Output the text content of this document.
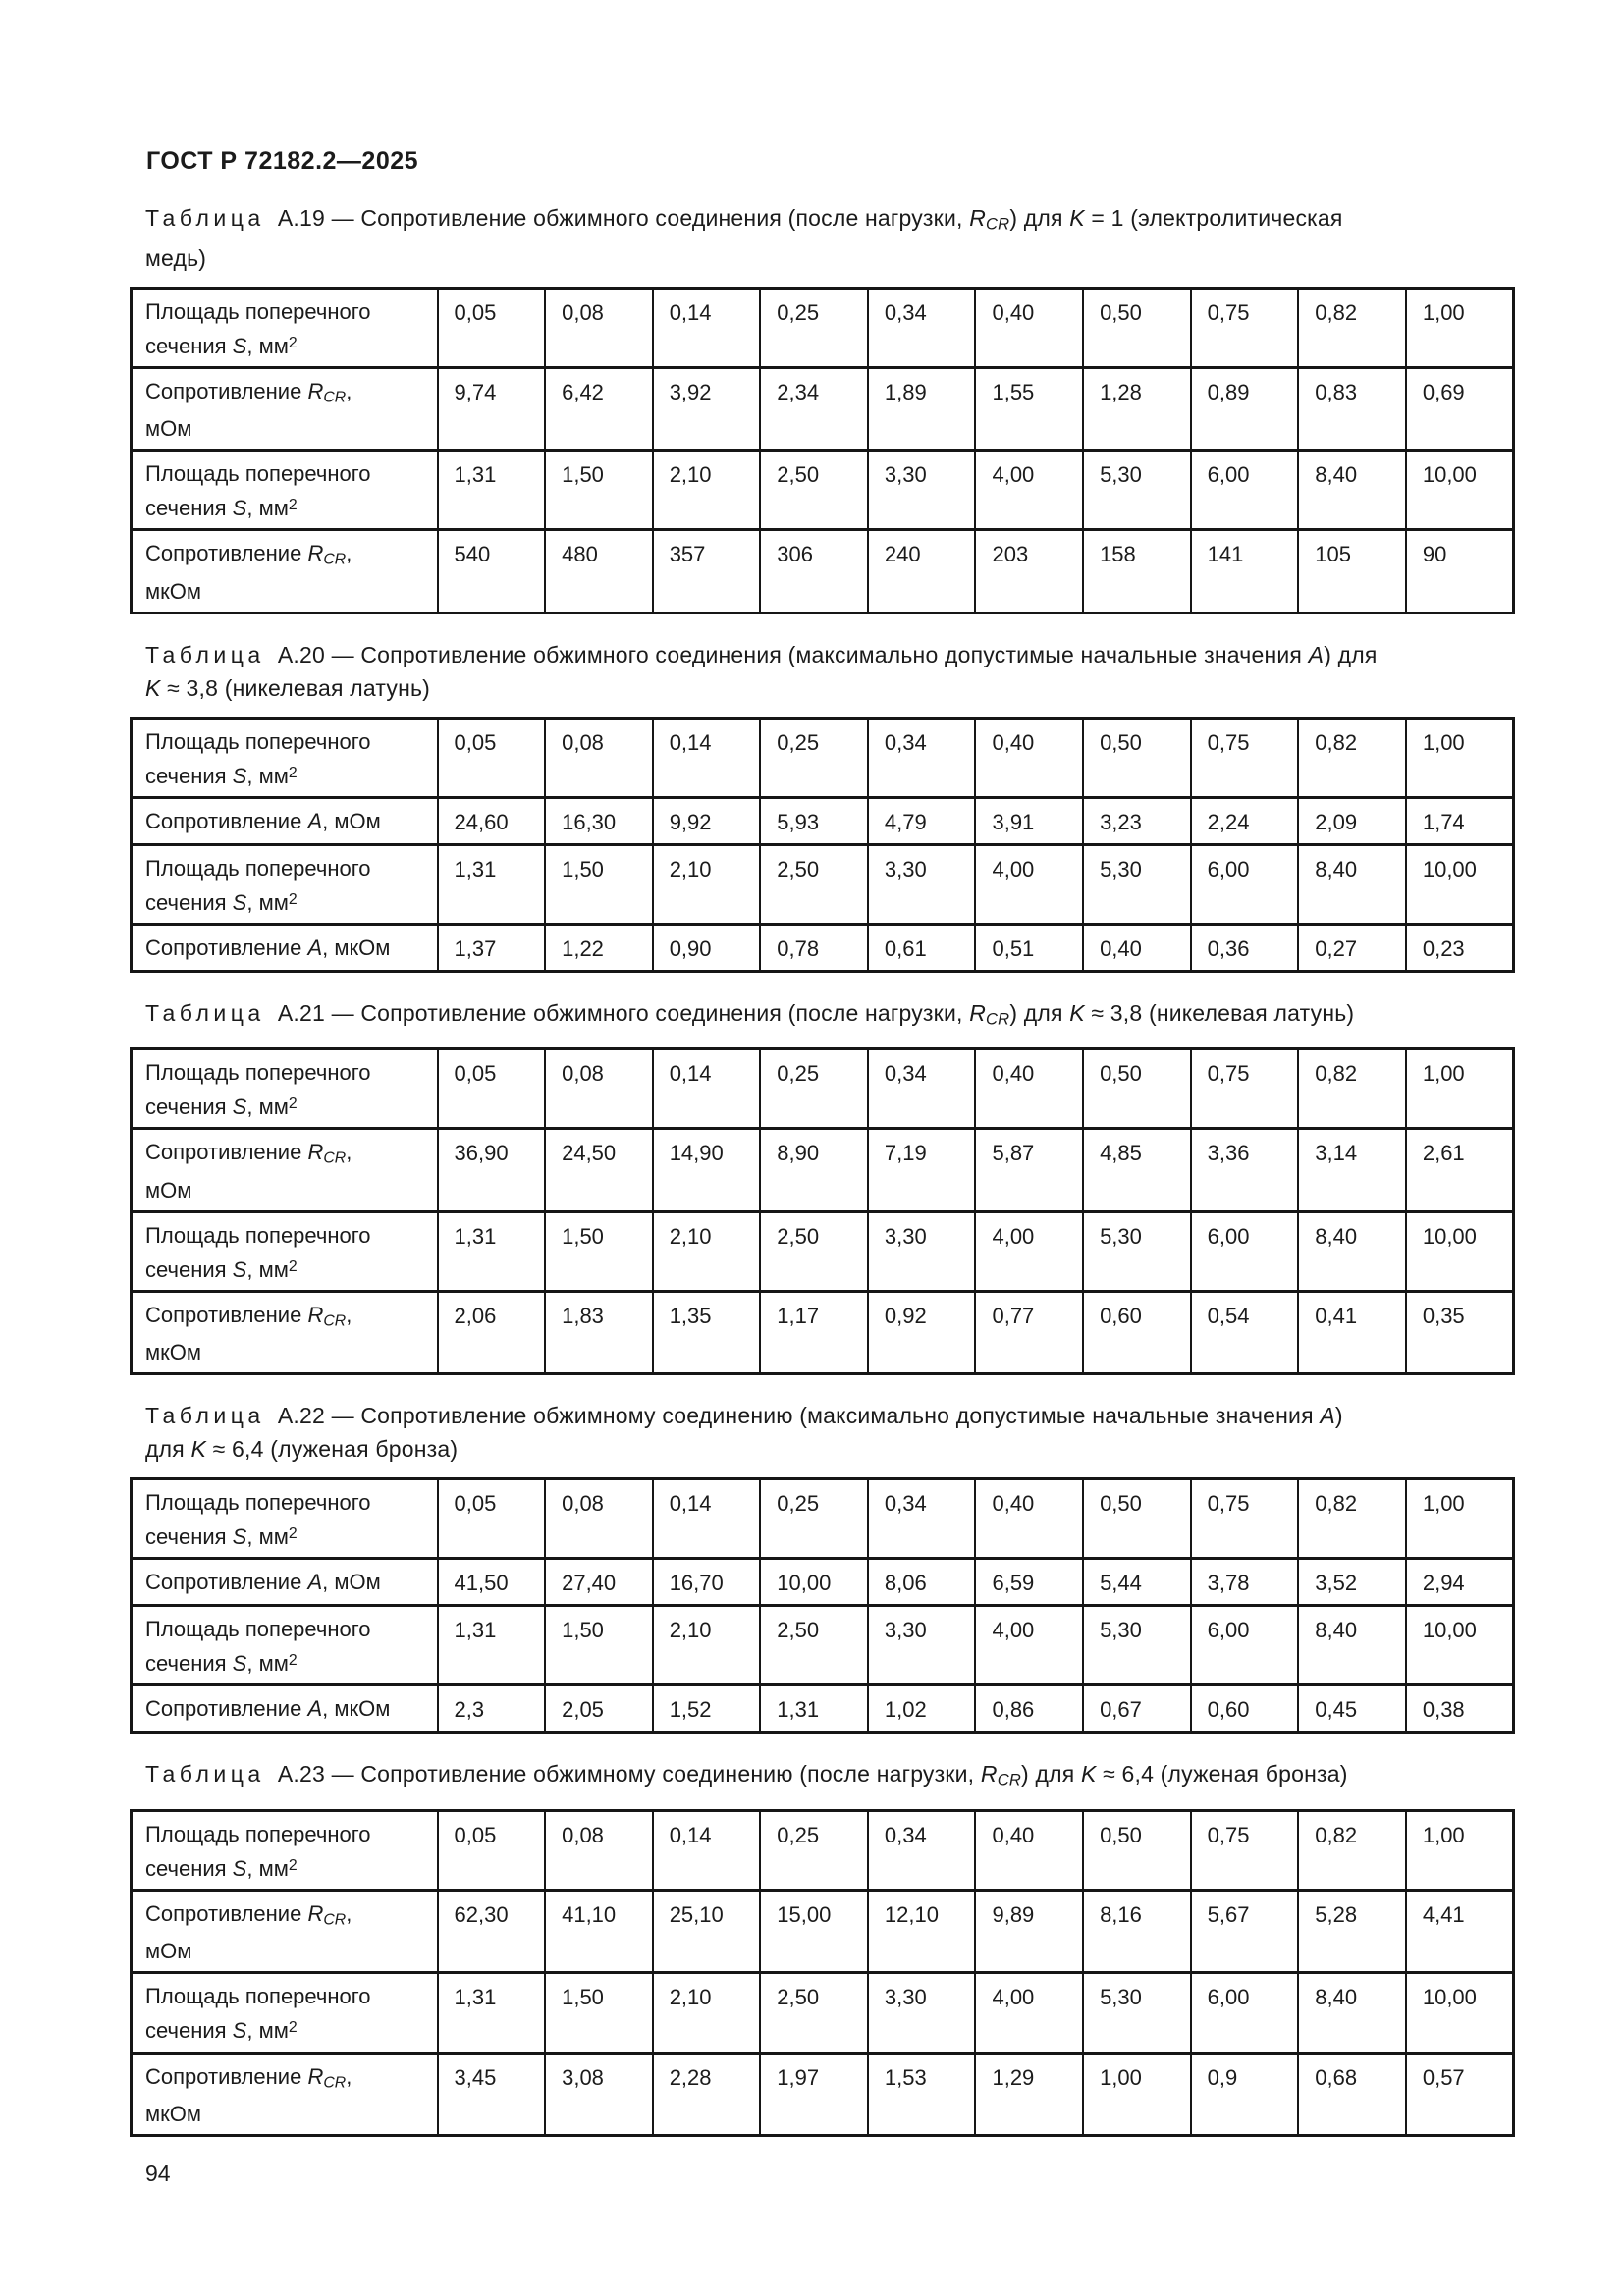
ГОСТ Р 72182.2—2025

Таблица  А.19 — Сопротивление обжимного соединения (после нагрузки, RCR) для K = 1 (электролитическая
медь)

Площадь поперечного
сечения S, $мм^2$	0,05	0,08	0,14	0,25	0,34	0,40	0,50	0,75	0,82	1,00
Сопротивление RCR,
мОм	9,74	6,42	3,92	2,34	1,89	1,55	1,28	0,89	0,83	0,69
Площадь поперечного
сечения S, $мм^2$	1,31	1,50	2,10	2,50	3,30	4,00	5,30	6,00	8,40	10,00
Сопротивление RCR,
мкОм	540	480	357	306	240	203	158	141	105	90

Таблица  А.20 — Сопротивление обжимного соединения (максимально допустимые начальные значения A) для
K ≈ 3,8 (никелевая латунь)

Площадь поперечного
сечения S, $мм^2$	0,05	0,08	0,14	0,25	0,34	0,40	0,50	0,75	0,82	1,00
Сопротивление A, мОм	24,60	16,30	9,92	5,93	4,79	3,91	3,23	2,24	2,09	1,74
Площадь поперечного
сечения S, $мм^2$	1,31	1,50	2,10	2,50	3,30	4,00	5,30	6,00	8,40	10,00
Сопротивление A, мкОм	1,37	1,22	0,90	0,78	0,61	0,51	0,40	0,36	0,27	0,23

Таблица  А.21 — Сопротивление обжимного соединения (после нагрузки, RCR) для K ≈ 3,8 (никелевая латунь)

Площадь поперечного
сечения S, $мм^2$	0,05	0,08	0,14	0,25	0,34	0,40	0,50	0,75	0,82	1,00
Сопротивление RCR,
мОм	36,90	24,50	14,90	8,90	7,19	5,87	4,85	3,36	3,14	2,61
Площадь поперечного
сечения S, $мм^2$	1,31	1,50	2,10	2,50	3,30	4,00	5,30	6,00	8,40	10,00
Сопротивление RCR,
мкОм	2,06	1,83	1,35	1,17	0,92	0,77	0,60	0,54	0,41	0,35

Таблица  А.22 — Сопротивление обжимному соединению (максимально допустимые начальные значения A)
для K ≈ 6,4 (луженая бронза)

Площадь поперечного
сечения S, $мм^2$	0,05	0,08	0,14	0,25	0,34	0,40	0,50	0,75	0,82	1,00
Сопротивление A, мОм	41,50	27,40	16,70	10,00	8,06	6,59	5,44	3,78	3,52	2,94
Площадь поперечного
сечения S, $мм^2$	1,31	1,50	2,10	2,50	3,30	4,00	5,30	6,00	8,40	10,00
Сопротивление A, мкОм	2,3	2,05	1,52	1,31	1,02	0,86	0,67	0,60	0,45	0,38

Таблица  А.23 — Сопротивление обжимному соединению (после нагрузки, RCR) для K ≈ 6,4 (луженая бронза)

Площадь поперечного
сечения S, $мм^2$	0,05	0,08	0,14	0,25	0,34	0,40	0,50	0,75	0,82	1,00
Сопротивление RCR,
мОм	62,30	41,10	25,10	15,00	12,10	9,89	8,16	5,67	5,28	4,41
Площадь поперечного
сечения S, $мм^2$	1,31	1,50	2,10	2,50	3,30	4,00	5,30	6,00	8,40	10,00
Сопротивление RCR,
мкОм	3,45	3,08	2,28	1,97	1,53	1,29	1,00	0,9	0,68	0,57
94
